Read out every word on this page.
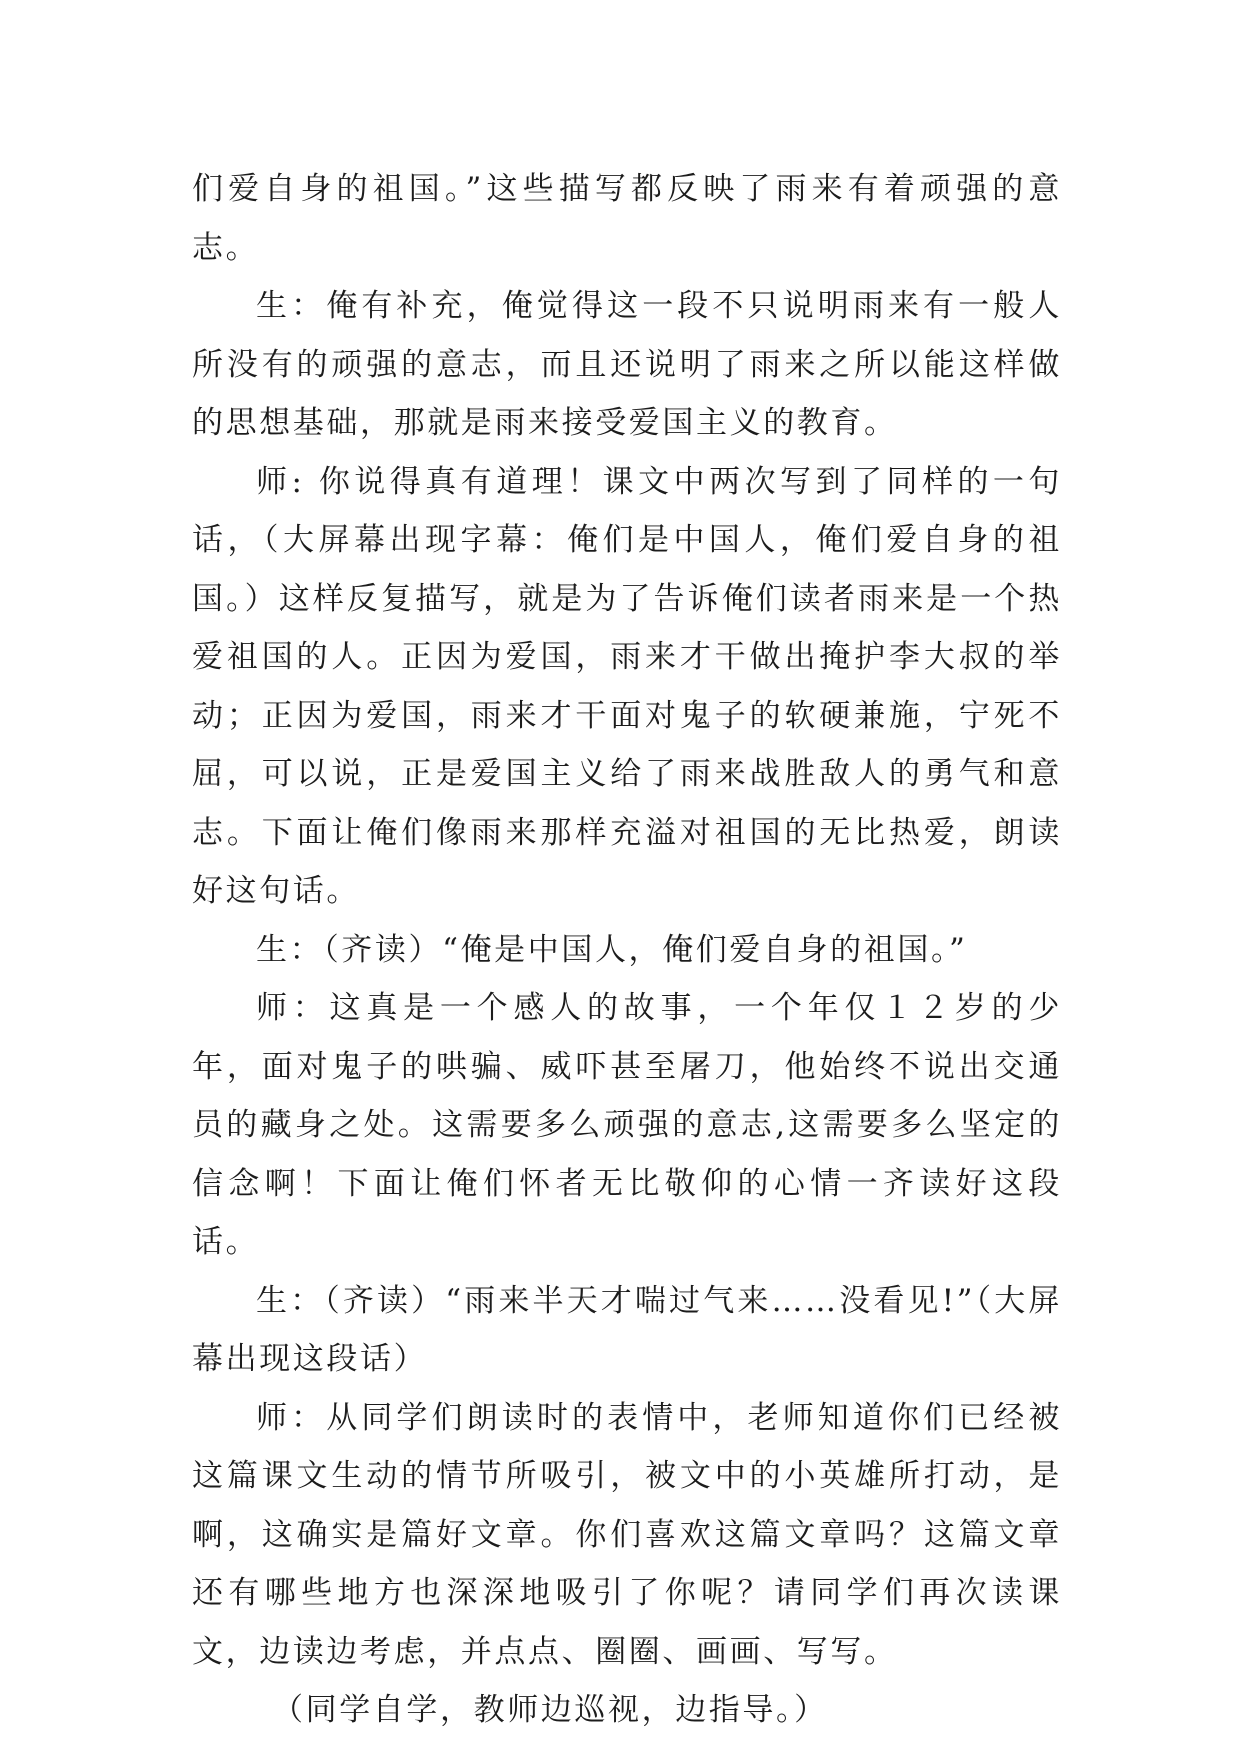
们爱自身的祖国。”这些描写都反映了雨来有着顽强的意志。

生：俺有补充，俺觉得这一段不只说明雨来有一般人所没有的顽强的意志，而且还说明了雨来之所以能这样做的思想基础，那就是雨来接受爱国主义的教育。

师: 你说得真有道理！课文中两次写到了同样的一句话，（大屏幕出现字幕：俺们是中国人，俺们爱自身的祖国。）这样反复描写，就是为了告诉俺们读者雨来是一个热爱祖国的人。正因为爱国，雨来才干做出掩护李大叔的举动；正因为爱国，雨来才干面对鬼子的软硬兼施，宁死不屈，可以说，正是爱国主义给了雨来战胜敌人的勇气和意志。下面让俺们像雨来那样充溢对祖国的无比热爱，朗读好这句话。

生：（齐读）“俺是中国人，俺们爱自身的祖国。”

师：这真是一个感人的故事，一个年仅１２岁的少年，面对鬼子的哄骗、威吓甚至屠刀，他始终不说出交通员的藏身之处。这需要多么顽强的意志,这需要多么坚定的信念啊！下面让俺们怀者无比敬仰的心情一齐读好这段话。

生：（齐读）“雨来半天才喘过气来……没看见!”（大屏幕出现这段话）

师：从同学们朗读时的表情中，老师知道你们已经被这篇课文生动的情节所吸引，被文中的小英雄所打动，是啊，这确实是篇好文章。你们喜欢这篇文章吗？这篇文章还有哪些地方也深深地吸引了你呢？请同学们再次读课文，边读边考虑，并点点、圈圈、画画、写写。

（同学自学，教师边巡视，边指导。）
